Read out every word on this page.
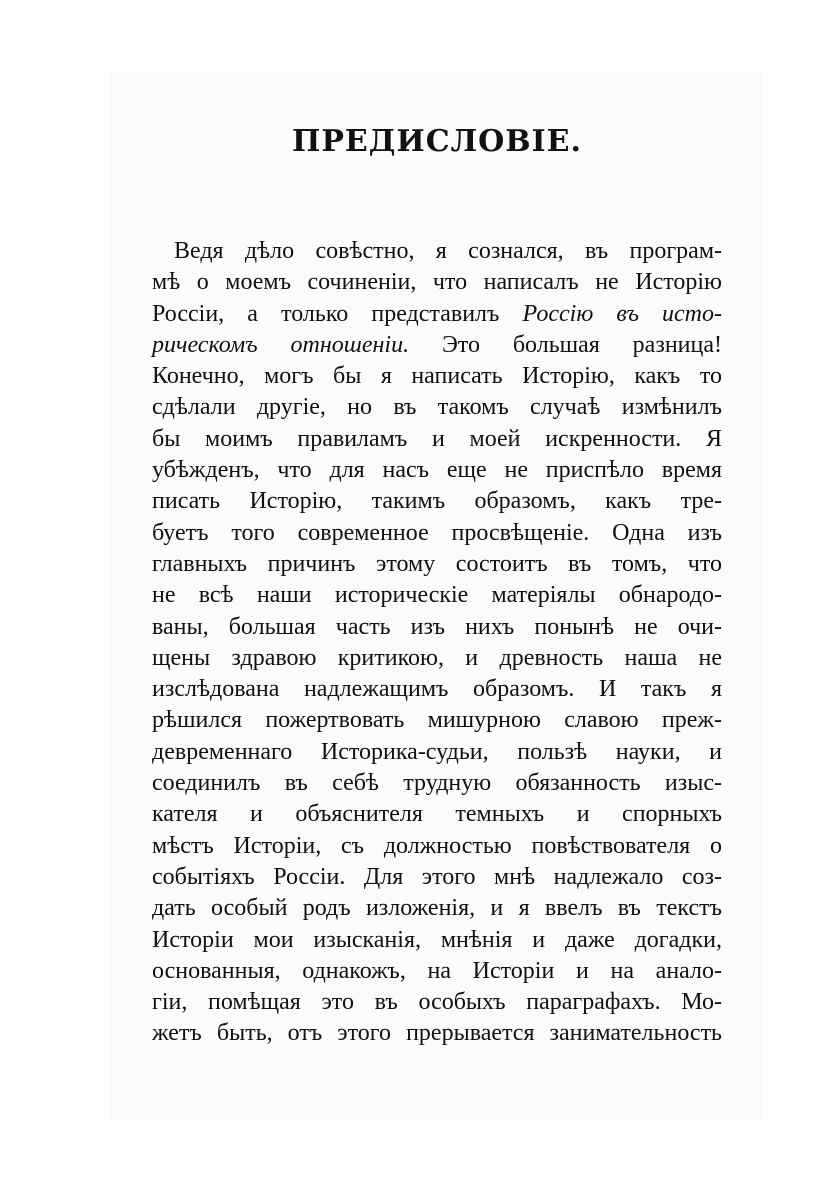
ПРЕДИСЛОВІЕ.
Ведя дѣло совѣстно, я сознался, въ програм-
мѣ о моемъ сочиненіи, что написалъ не Исторію
Россіи, а только представилъ Россію въ исто-
рическомъ отношеніи. Это большая разница!
Конечно, могъ бы я написать Исторію, какъ то
сдѣлали другіе, но въ такомъ случаѣ измѣнилъ
бы моимъ правиламъ и моей искренности. Я
убѣжденъ, что для насъ еще не приспѣло время
писать Исторію, такимъ образомъ, какъ тре-
буетъ того современное просвѣщеніе. Одна изъ
главныхъ причинъ этому состоитъ въ томъ, что
не всѣ наши историческіе матеріялы обнародо-
ваны, большая часть изъ нихъ понынѣ не очи-
щены здравою критикою, и древность наша не
изслѣдована надлежащимъ образомъ. И такъ я
рѣшился пожертвовать мишурною славою преж-
девременнаго Историка-судьи, пользѣ науки, и
соединилъ въ себѣ трудную обязанность изыс-
кателя и объяснителя темныхъ и спорныхъ
мѣстъ Исторіи, съ должностью повѣствователя о
событіяхъ Россіи. Для этого мнѣ надлежало соз-
дать особый родъ изложенія, и я ввелъ въ текстъ
Исторіи мои изысканія, мнѣнія и даже догадки,
основанныя, однакожъ, на Исторіи и на анало-
гіи, помѣщая это въ особыхъ параграфахъ. Мо-
жетъ быть, отъ этого прерывается занимательность
